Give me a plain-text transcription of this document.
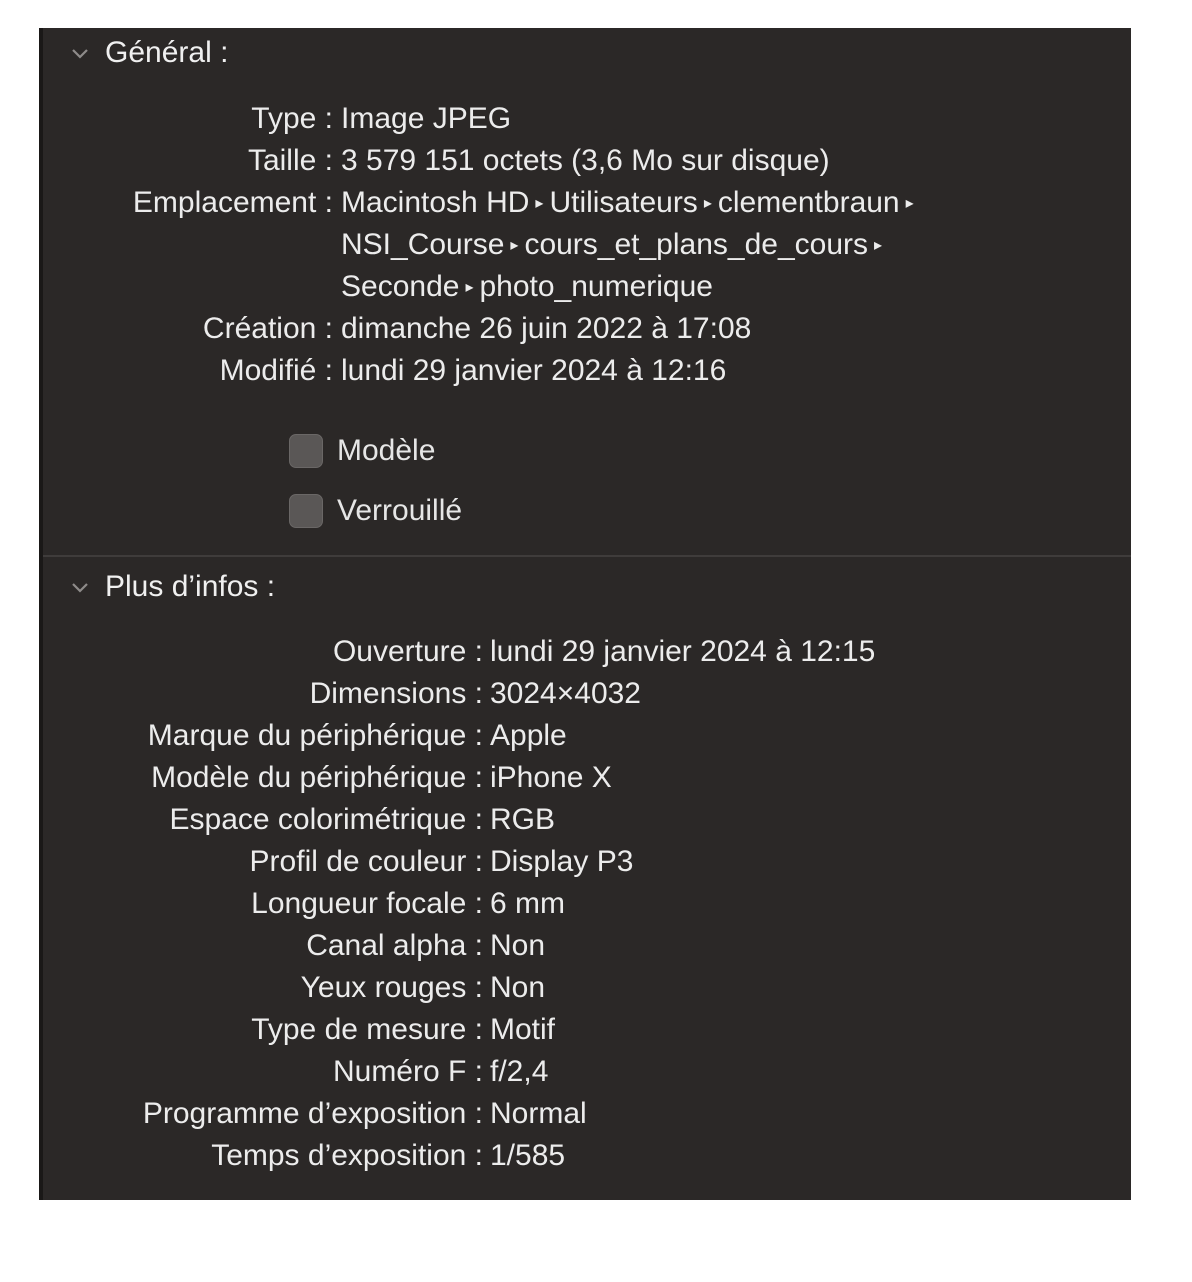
Général :
Type : Image JPEG
Taille : 3 579 151 octets (3,6 Mo sur disque)
Emplacement : Macintosh HD ▸ Utilisateurs ▸ clementbraun ▸
NSI_Course ▸ cours_et_plans_de_cours ▸
Seconde ▸ photo_numerique
Création : dimanche 26 juin 2022 à 17:08
Modifié : lundi 29 janvier 2024 à 12:16
Modèle
Verrouillé
Plus d’infos :
Ouverture : lundi 29 janvier 2024 à 12:15
Dimensions : 3024×4032
Marque du périphérique : Apple
Modèle du périphérique : iPhone X
Espace colorimétrique : RGB
Profil de couleur : Display P3
Longueur focale : 6 mm
Canal alpha : Non
Yeux rouges : Non
Type de mesure : Motif
Numéro F : f/2,4
Programme d’exposition : Normal
Temps d’exposition : 1/585
